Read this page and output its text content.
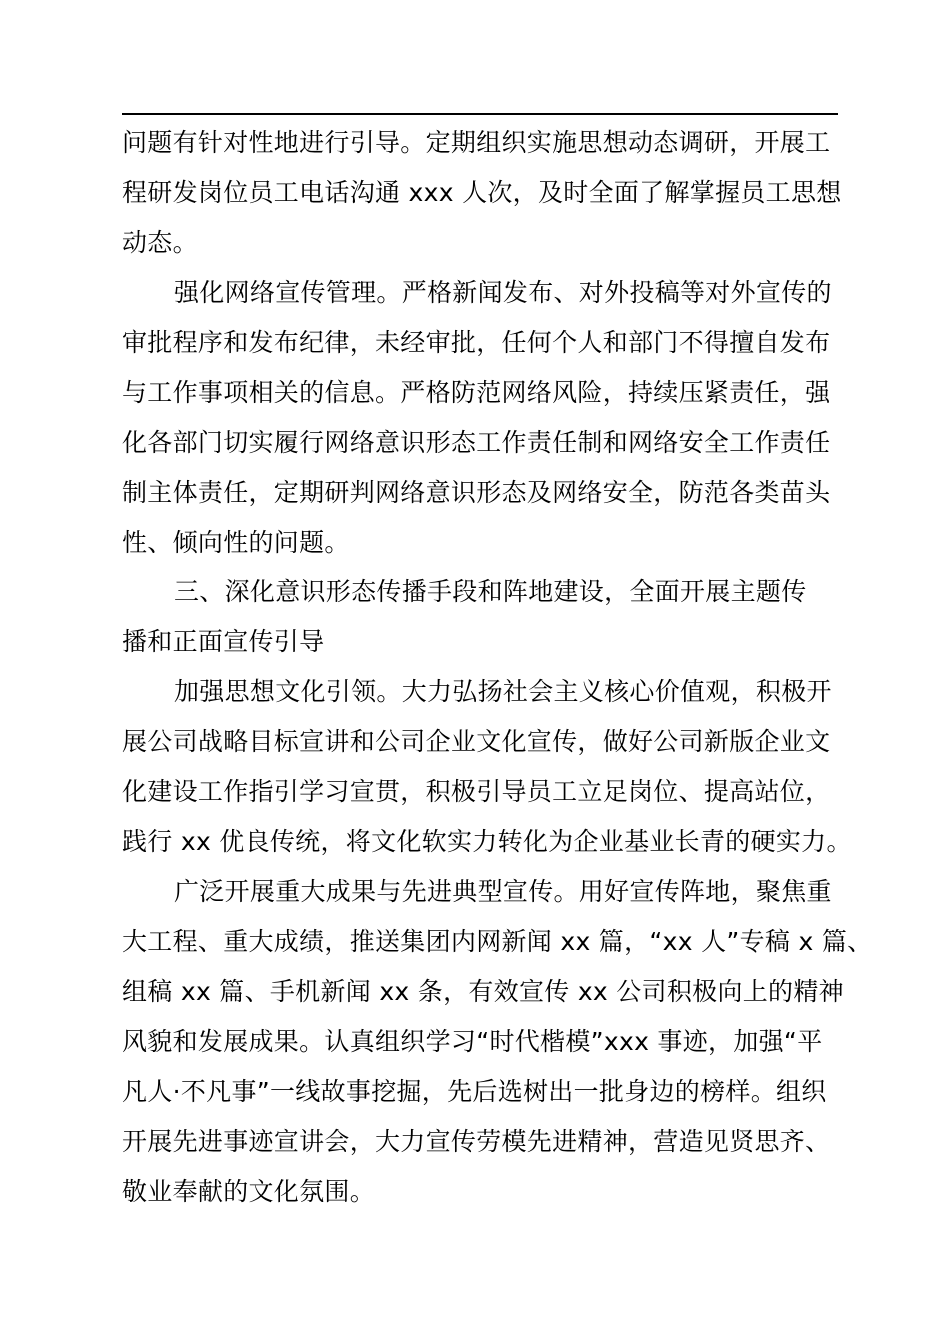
问题有针对性地进行引导。定期组织实施思想动态调研，开展工
程研发岗位员工电话沟通 xxx 人次，及时全面了解掌握员工思想
动态。
强化网络宣传管理。严格新闻发布、对外投稿等对外宣传的
审批程序和发布纪律，未经审批，任何个人和部门不得擅自发布
与工作事项相关的信息。严格防范网络风险，持续压紧责任，强
化各部门切实履行网络意识形态工作责任制和网络安全工作责任
制主体责任，定期研判网络意识形态及网络安全，防范各类苗头
性、倾向性的问题。
三、深化意识形态传播手段和阵地建设，全面开展主题传
播和正面宣传引导
加强思想文化引领。大力弘扬社会主义核心价值观，积极开
展公司战略目标宣讲和公司企业文化宣传，做好公司新版企业文
化建设工作指引学习宣贯，积极引导员工立足岗位、提高站位，
践行 xx 优良传统，将文化软实力转化为企业基业长青的硬实力。
广泛开展重大成果与先进典型宣传。用好宣传阵地，聚焦重
大工程、重大成绩，推送集团内网新闻 xx 篇，“xx 人”专稿 x 篇、
组稿 xx 篇、手机新闻 xx 条，有效宣传 xx 公司积极向上的精神
风貌和发展成果。认真组织学习“时代楷模”xxx 事迹，加强“平
凡人·不凡事”一线故事挖掘，先后选树出一批身边的榜样。组织
开展先进事迹宣讲会，大力宣传劳模先进精神，营造见贤思齐、
敬业奉献的文化氛围。
